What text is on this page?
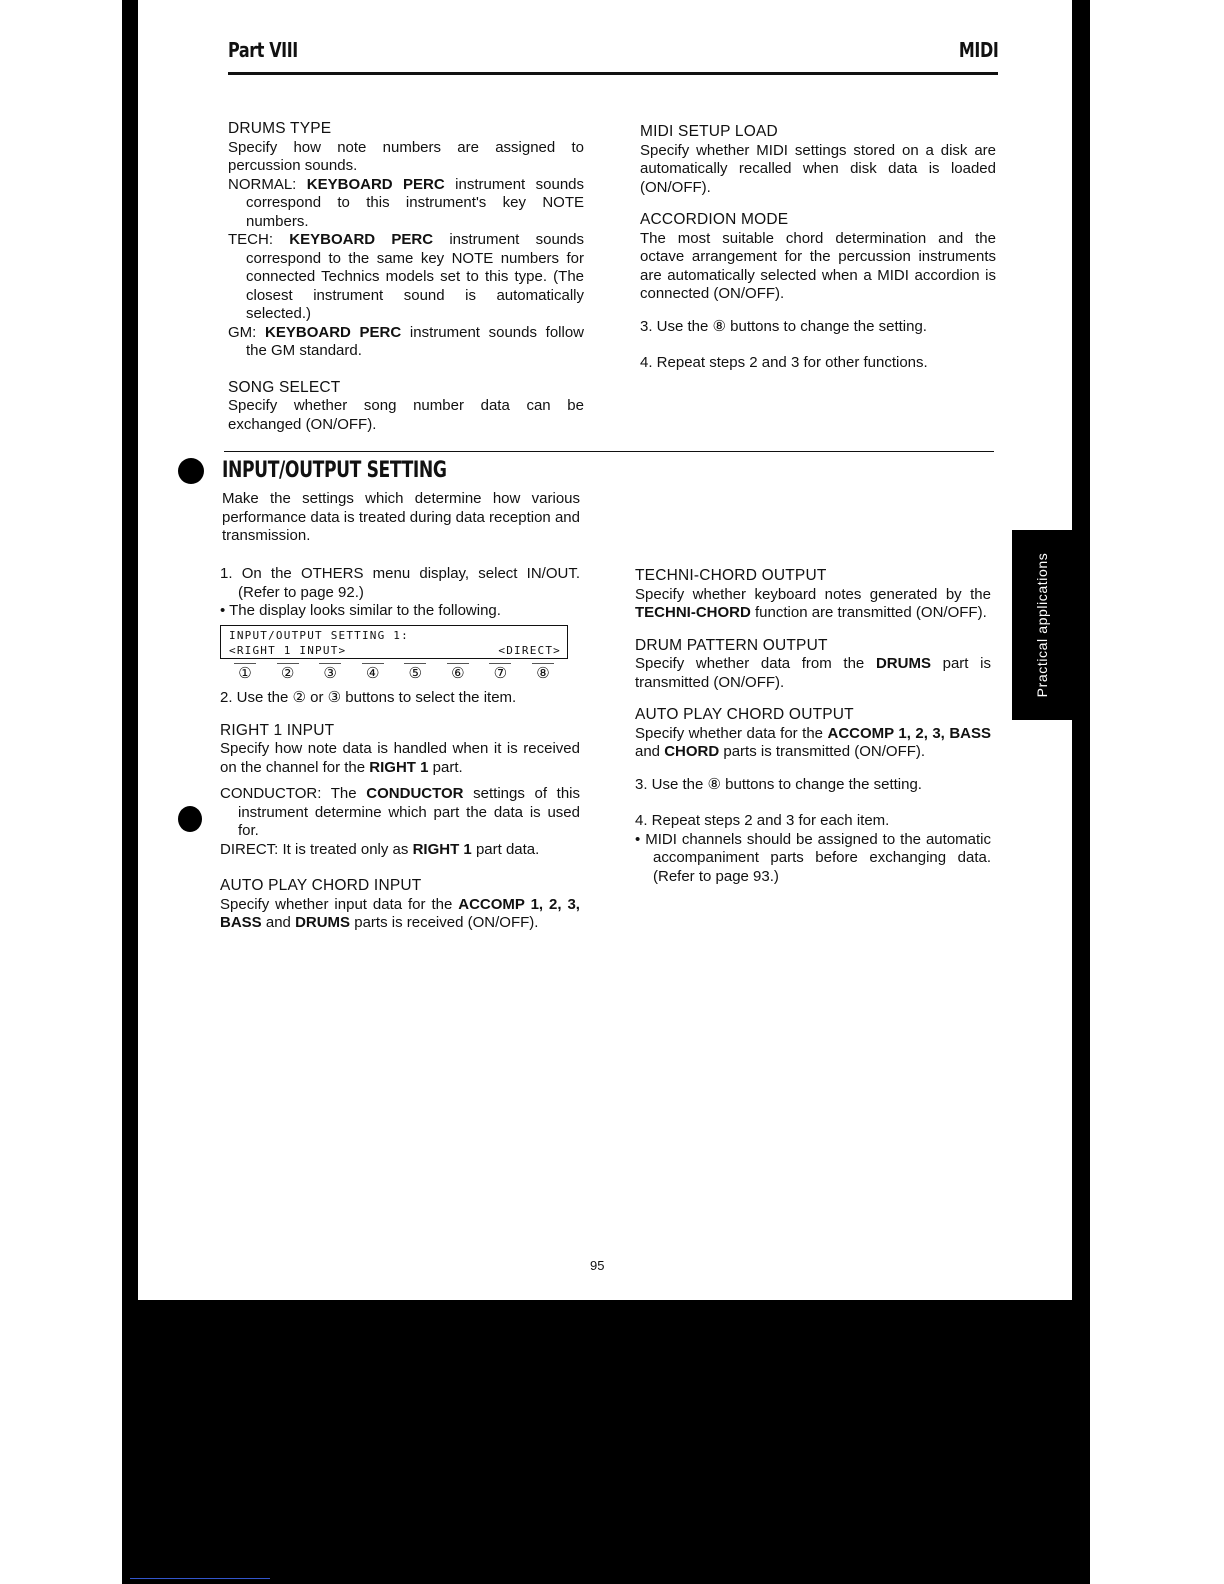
Part VIII	MIDI

DRUMS TYPE

Specify how note numbers are assigned to percussion sounds.

NORMAL: KEYBOARD PERC instrument sounds correspond to this instrument's key NOTE numbers.

TECH: KEYBOARD PERC instrument sounds correspond to the same key NOTE numbers for connected Technics models set to this type. (The closest instrument sound is automatically selected.)

GM: KEYBOARD PERC instrument sounds follow the GM standard.

SONG SELECT

Specify whether song number data can be exchanged (ON/OFF).

MIDI SETUP LOAD

Specify whether MIDI settings stored on a disk are automatically recalled when disk data is loaded (ON/OFF).

ACCORDION MODE

The most suitable chord determination and the octave arrangement for the percussion instruments are automatically selected when a MIDI accordion is connected (ON/OFF).

3. Use the ⑧ buttons to change the setting.

4. Repeat steps 2 and 3 for other functions.

INPUT/OUTPUT SETTING

Make the settings which determine how various performance data is treated during data reception and transmission.

1. On the OTHERS menu display, select IN/OUT. (Refer to page 92.)

• The display looks similar to the following.

INPUT/OUTPUT SETTING 1:
<RIGHT 1 INPUT>	<DIRECT>
① ② ③ ④ ⑤ ⑥ ⑦ ⑧

2. Use the ② or ③ buttons to select the item.

RIGHT 1 INPUT

Specify how note data is handled when it is received on the channel for the RIGHT 1 part.

CONDUCTOR: The CONDUCTOR settings of this instrument determine which part the data is used for.

DIRECT: It is treated only as RIGHT 1 part data.

AUTO PLAY CHORD INPUT

Specify whether input data for the ACCOMP 1, 2, 3, BASS and DRUMS parts is received (ON/OFF).

TECHNI-CHORD OUTPUT

Specify whether keyboard notes generated by the TECHNI-CHORD function are transmitted (ON/OFF).

DRUM PATTERN OUTPUT

Specify whether data from the DRUMS part is transmitted (ON/OFF).

AUTO PLAY CHORD OUTPUT

Specify whether data for the ACCOMP 1, 2, 3, BASS and CHORD parts is transmitted (ON/OFF).

3. Use the ⑧ buttons to change the setting.

4. Repeat steps 2 and 3 for each item.

• MIDI channels should be assigned to the automatic accompaniment parts before exchanging data. (Refer to page 93.)

Practical applications
95
